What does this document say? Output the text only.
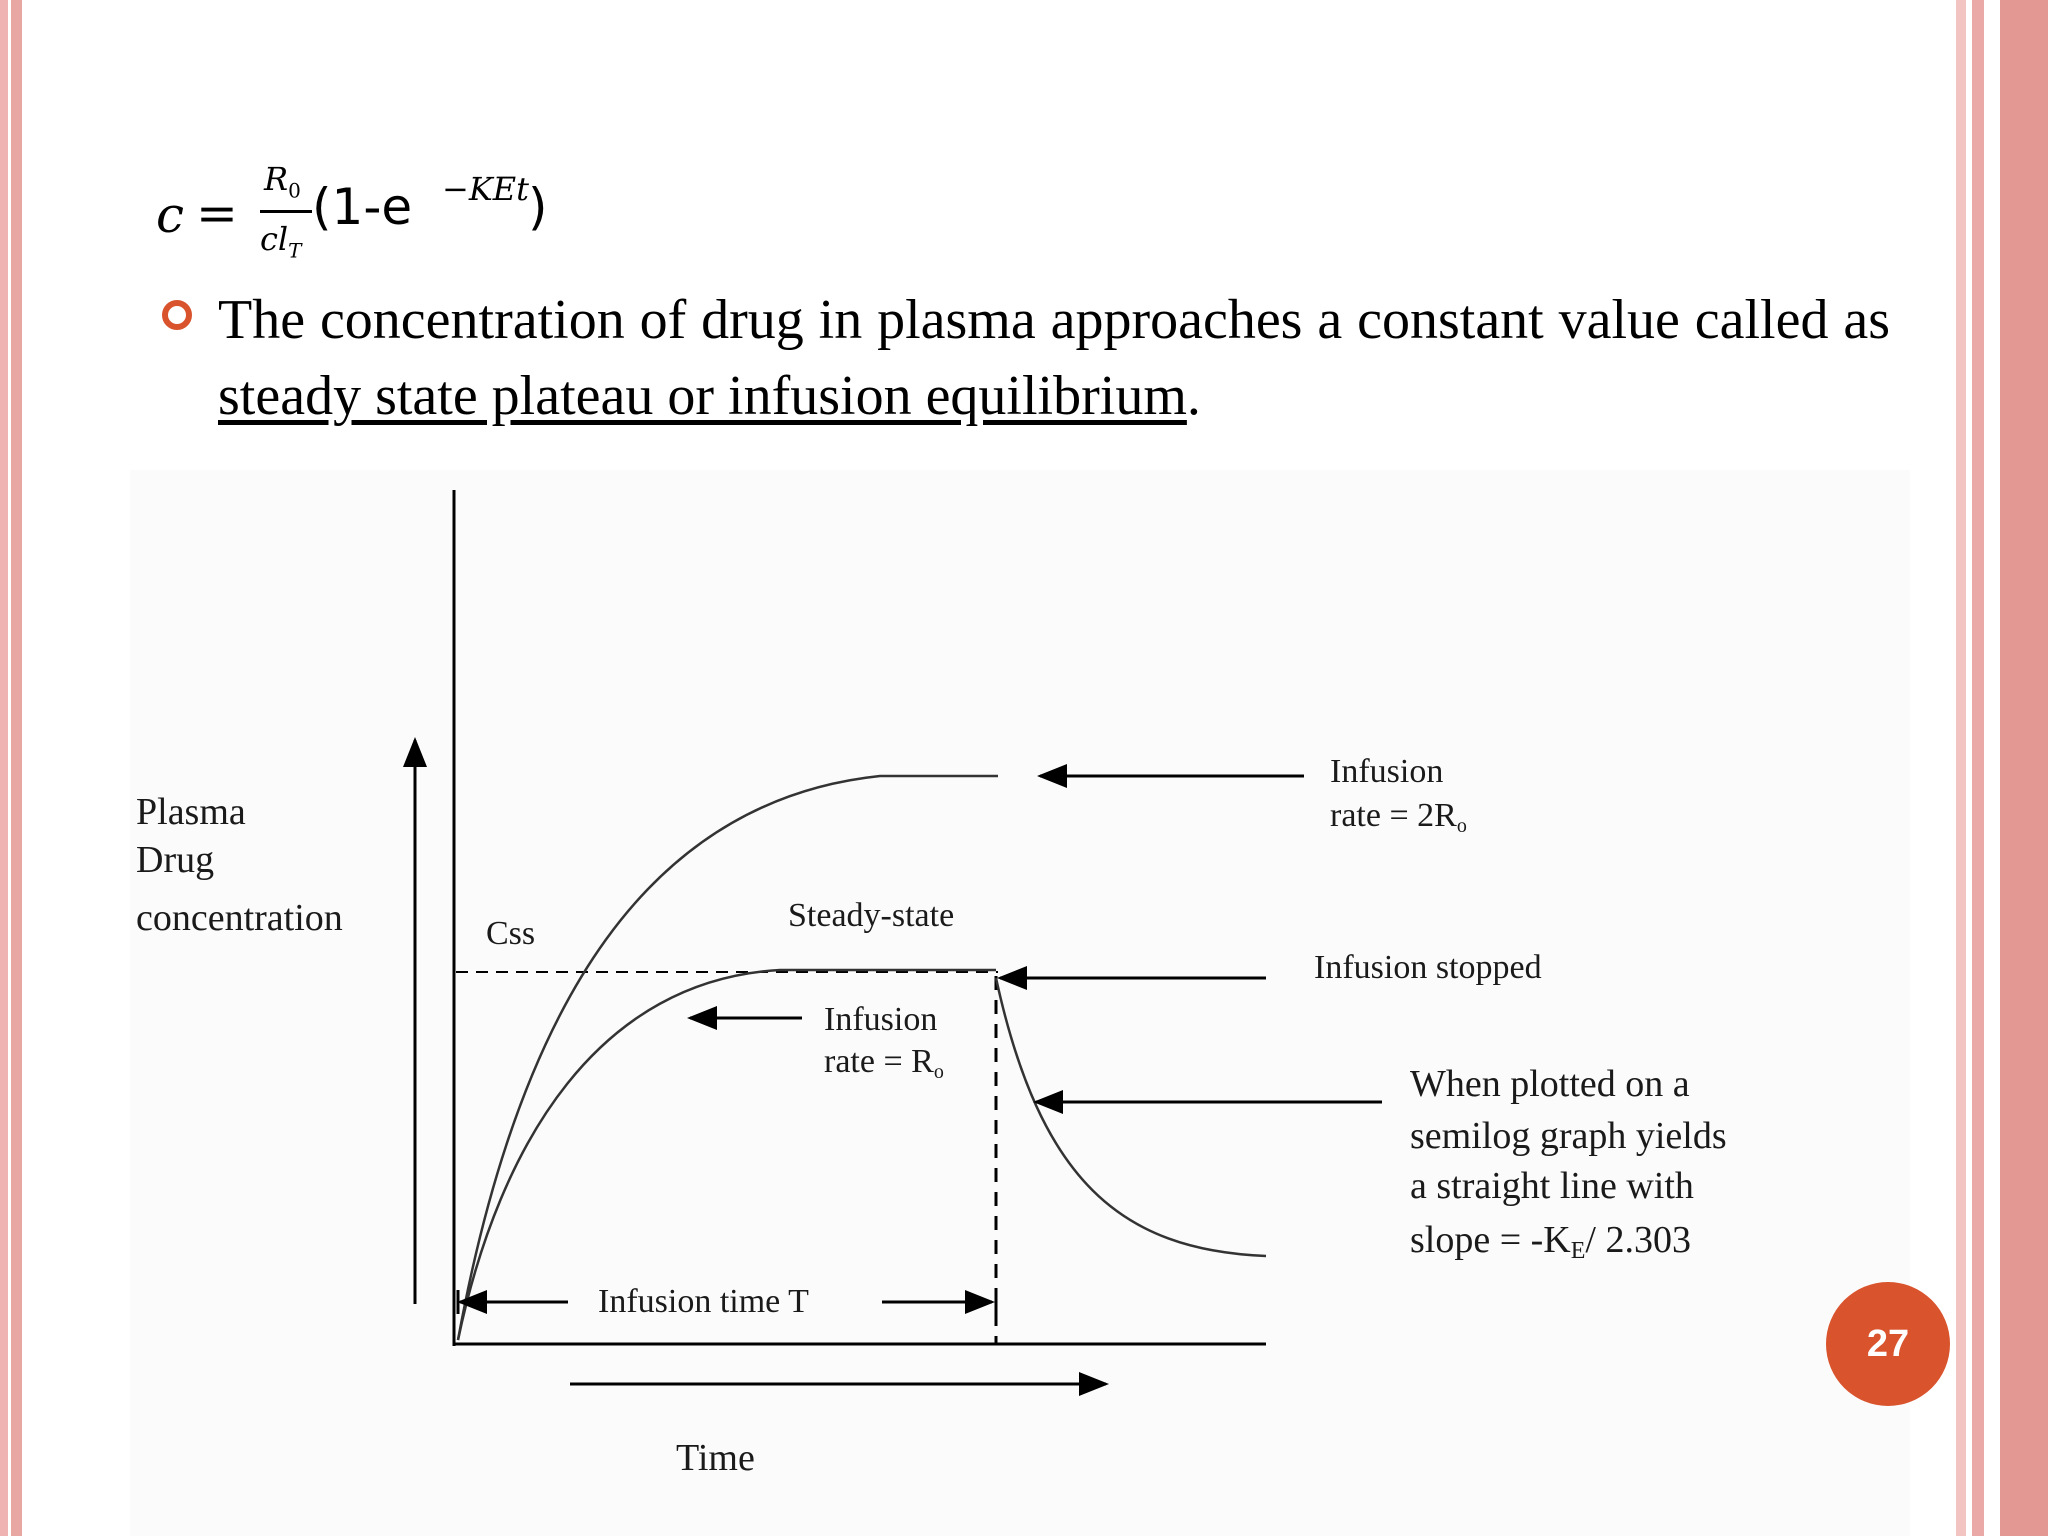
c =
$R_0$
$cl_T$
(1-e −KEt )
The concentration of drug in plasma approaches a constant value called as steady state plateau or infusion equilibrium.
Plasma
Drug
concentration	Css	Steady-state
Infusion
rate = 2Ro
Infusion stopped
Infusion
rate = Ro	When plotted on a
semilog graph yields
a straight line with
slope = -KE/ 2.303
Infusion time T
Time
27
